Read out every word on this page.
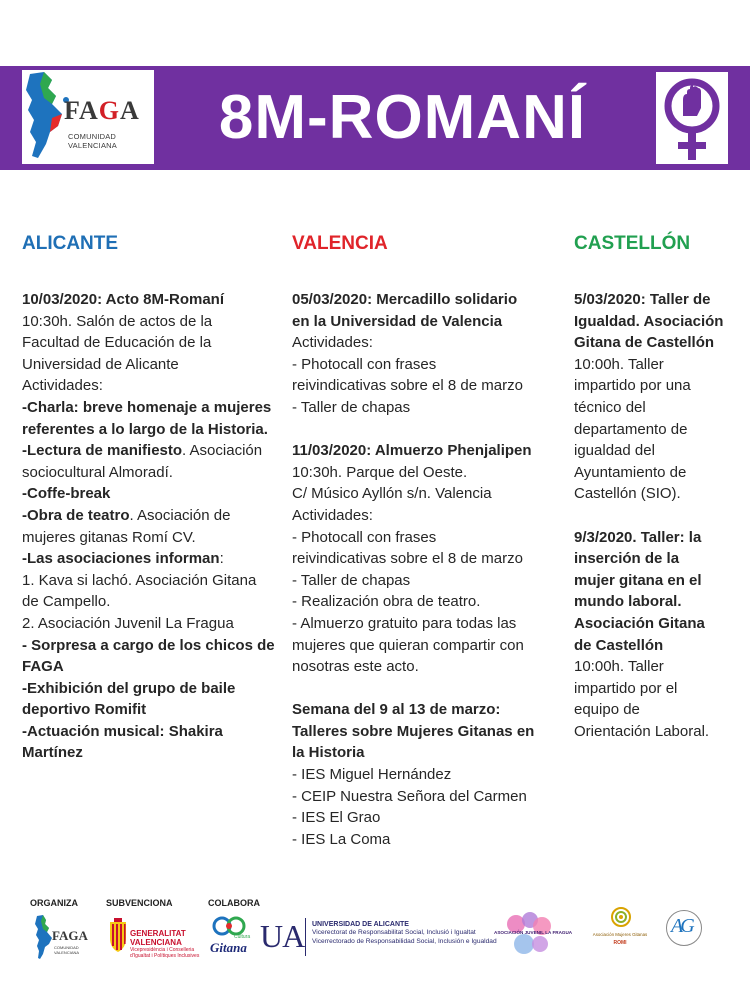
FAGA
COMUNIDAD VALENCIANA	8M-ROMANÍ
ALICANTE
10/03/2020: Acto 8M-Romaní
10:30h. Salón de actos de la
Facultad de Educación de la
Universidad de Alicante
Actividades:
-Charla: breve homenaje a mujeres
referentes a lo largo de la Historia.
-Lectura de manifiesto. Asociación
sociocultural Almoradí.
-Coffe-break
-Obra de teatro. Asociación de
mujeres gitanas Romí CV.
-Las asociaciones informan:
1. Kava si lachó. Asociación Gitana
de Campello.
2. Asociación Juvenil La Fragua
- Sorpresa a cargo de los chicos de
FAGA
-Exhibición del grupo de baile
deportivo Romifit
-Actuación musical: Shakira
Martínez
VALENCIA
05/03/2020: Mercadillo solidario
en la Universidad de Valencia
Actividades:
- Photocall con frases
reivindicativas sobre el 8 de marzo
- Taller de chapas
11/03/2020: Almuerzo Phenjalipen
10:30h. Parque del Oeste.
C/ Músico Ayllón s/n. Valencia
Actividades:
- Photocall con frases
reivindicativas sobre el 8 de marzo
- Taller de chapas
- Realización obra de teatro.
- Almuerzo gratuito para todas las
mujeres que quieran compartir con
nosotras este acto.
Semana del 9 al 13 de marzo:
Talleres sobre Mujeres Gitanas en
la Historia
- IES Miguel Hernández
- CEIP Nuestra Señora del Carmen
- IES El Grao
- IES La Coma
CASTELLÓN
5/03/2020: Taller de
Igualdad. Asociación
Gitana de Castellón
10:00h. Taller
impartido por una
técnico del
departamento de
igualdad del
Ayuntamiento de
Castellón (SIO).
9/3/2020. Taller: la
inserción de la
mujer gitana en el
mundo laboral.
Asociación Gitana
de Castellón
10:00h. Taller
impartido por el
equipo de
Orientación Laboral.
ORGANIZA	SUBVENCIONA	COLABORA
FAGA
COMUNIDAD VALENCIANA
GENERALITAT
VALENCIANA
Vicepresidència i Conselleria
d'Igualtat i Polítiques Inclusives
Cultura
Gitana UA UNIVERSIDAD DE ALICANTE
Vicerectorat de Responsabilitat Social, Inclusió i Igualtat
Vicerrectorado de Responsabilidad Social, Inclusión e Igualdad
ASOCIACIÓN JUVENIL LA FRAGUA	Asociación Mujeres Gitanas
ROMI
AG
